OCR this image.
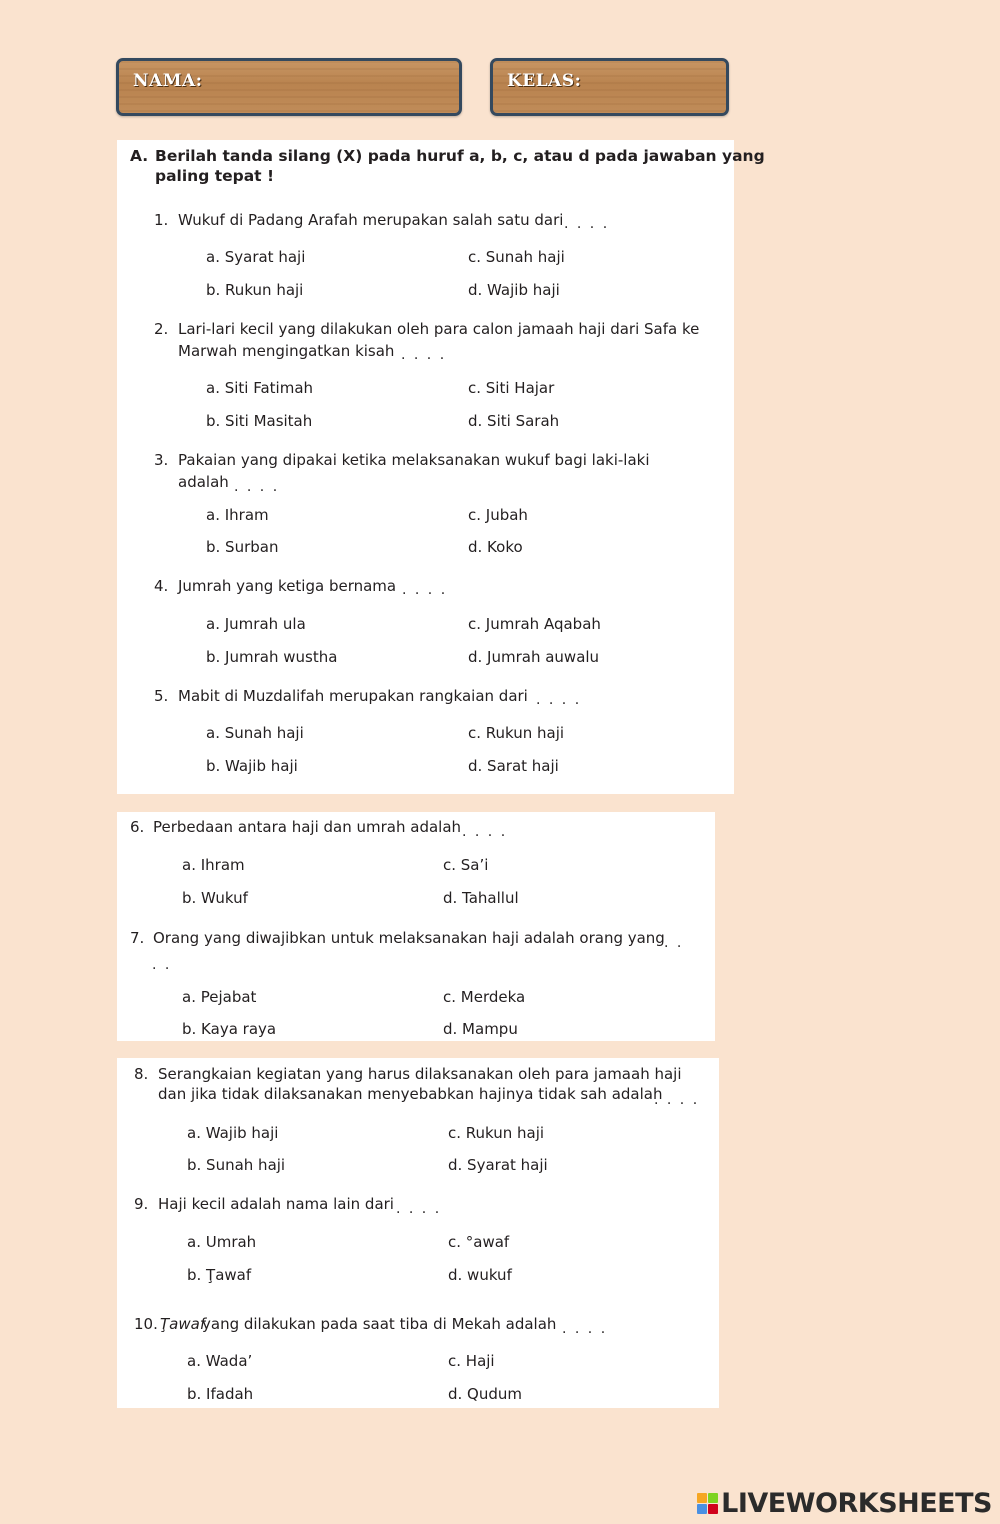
NAMA:	KELAS:
A. Berilah tanda silang (X) pada huruf a, b, c, atau d pada jawaban yang
paling tepat !
1. Wukuf di Padang Arafah merupakan salah satu dari . . . .
a. Syarat haji
b. Rukun haji
c. Sunah haji
d. Wajib haji
2. Lari-lari kecil yang dilakukan oleh para calon jamaah haji dari Safa ke
Marwah mengingatkan kisah . . . .
a. Siti Fatimah
b. Siti Masitah
c. Siti Hajar
d. Siti Sarah
3. Pakaian yang dipakai ketika melaksanakan wukuf bagi laki-laki
adalah . . . .
a. Ihram
b. Surban
c. Jubah
d. Koko
4. Jumrah yang ketiga bernama . . . .
a. Jumrah ula
b. Jumrah wustha
c. Jumrah Aqabah
d. Jumrah auwalu
5. Mabit di Muzdalifah merupakan rangkaian dari . . . .
a. Sunah haji
b. Wajib haji
c. Rukun haji
d. Sarat haji
6. Perbedaan antara haji dan umrah adalah . . . .
a. Ihram
b. Wukuf
c. Sa’i
d. Tahallul
7. Orang yang diwajibkan untuk melaksanakan haji adalah orang yang . .
. .
a. Pejabat
b. Kaya raya
c. Merdeka
d. Mampu
8. Serangkaian kegiatan yang harus dilaksanakan oleh para jamaah haji
dan jika tidak dilaksanakan menyebabkan hajinya tidak sah adalah
. . . .
a. Wajib haji
b. Sunah haji
c. Rukun haji
d. Syarat haji
9. Haji kecil adalah nama lain dari . . . .
a. Umrah
b. Ţawaf
c. °awaf
d. wukuf
10. Ţawaf
yang dilakukan pada saat tiba di Mekah adalah . . . .
a. Wada’
b. Ifadah
c. Haji
d. Qudum
LIVEWORKSHEETS
